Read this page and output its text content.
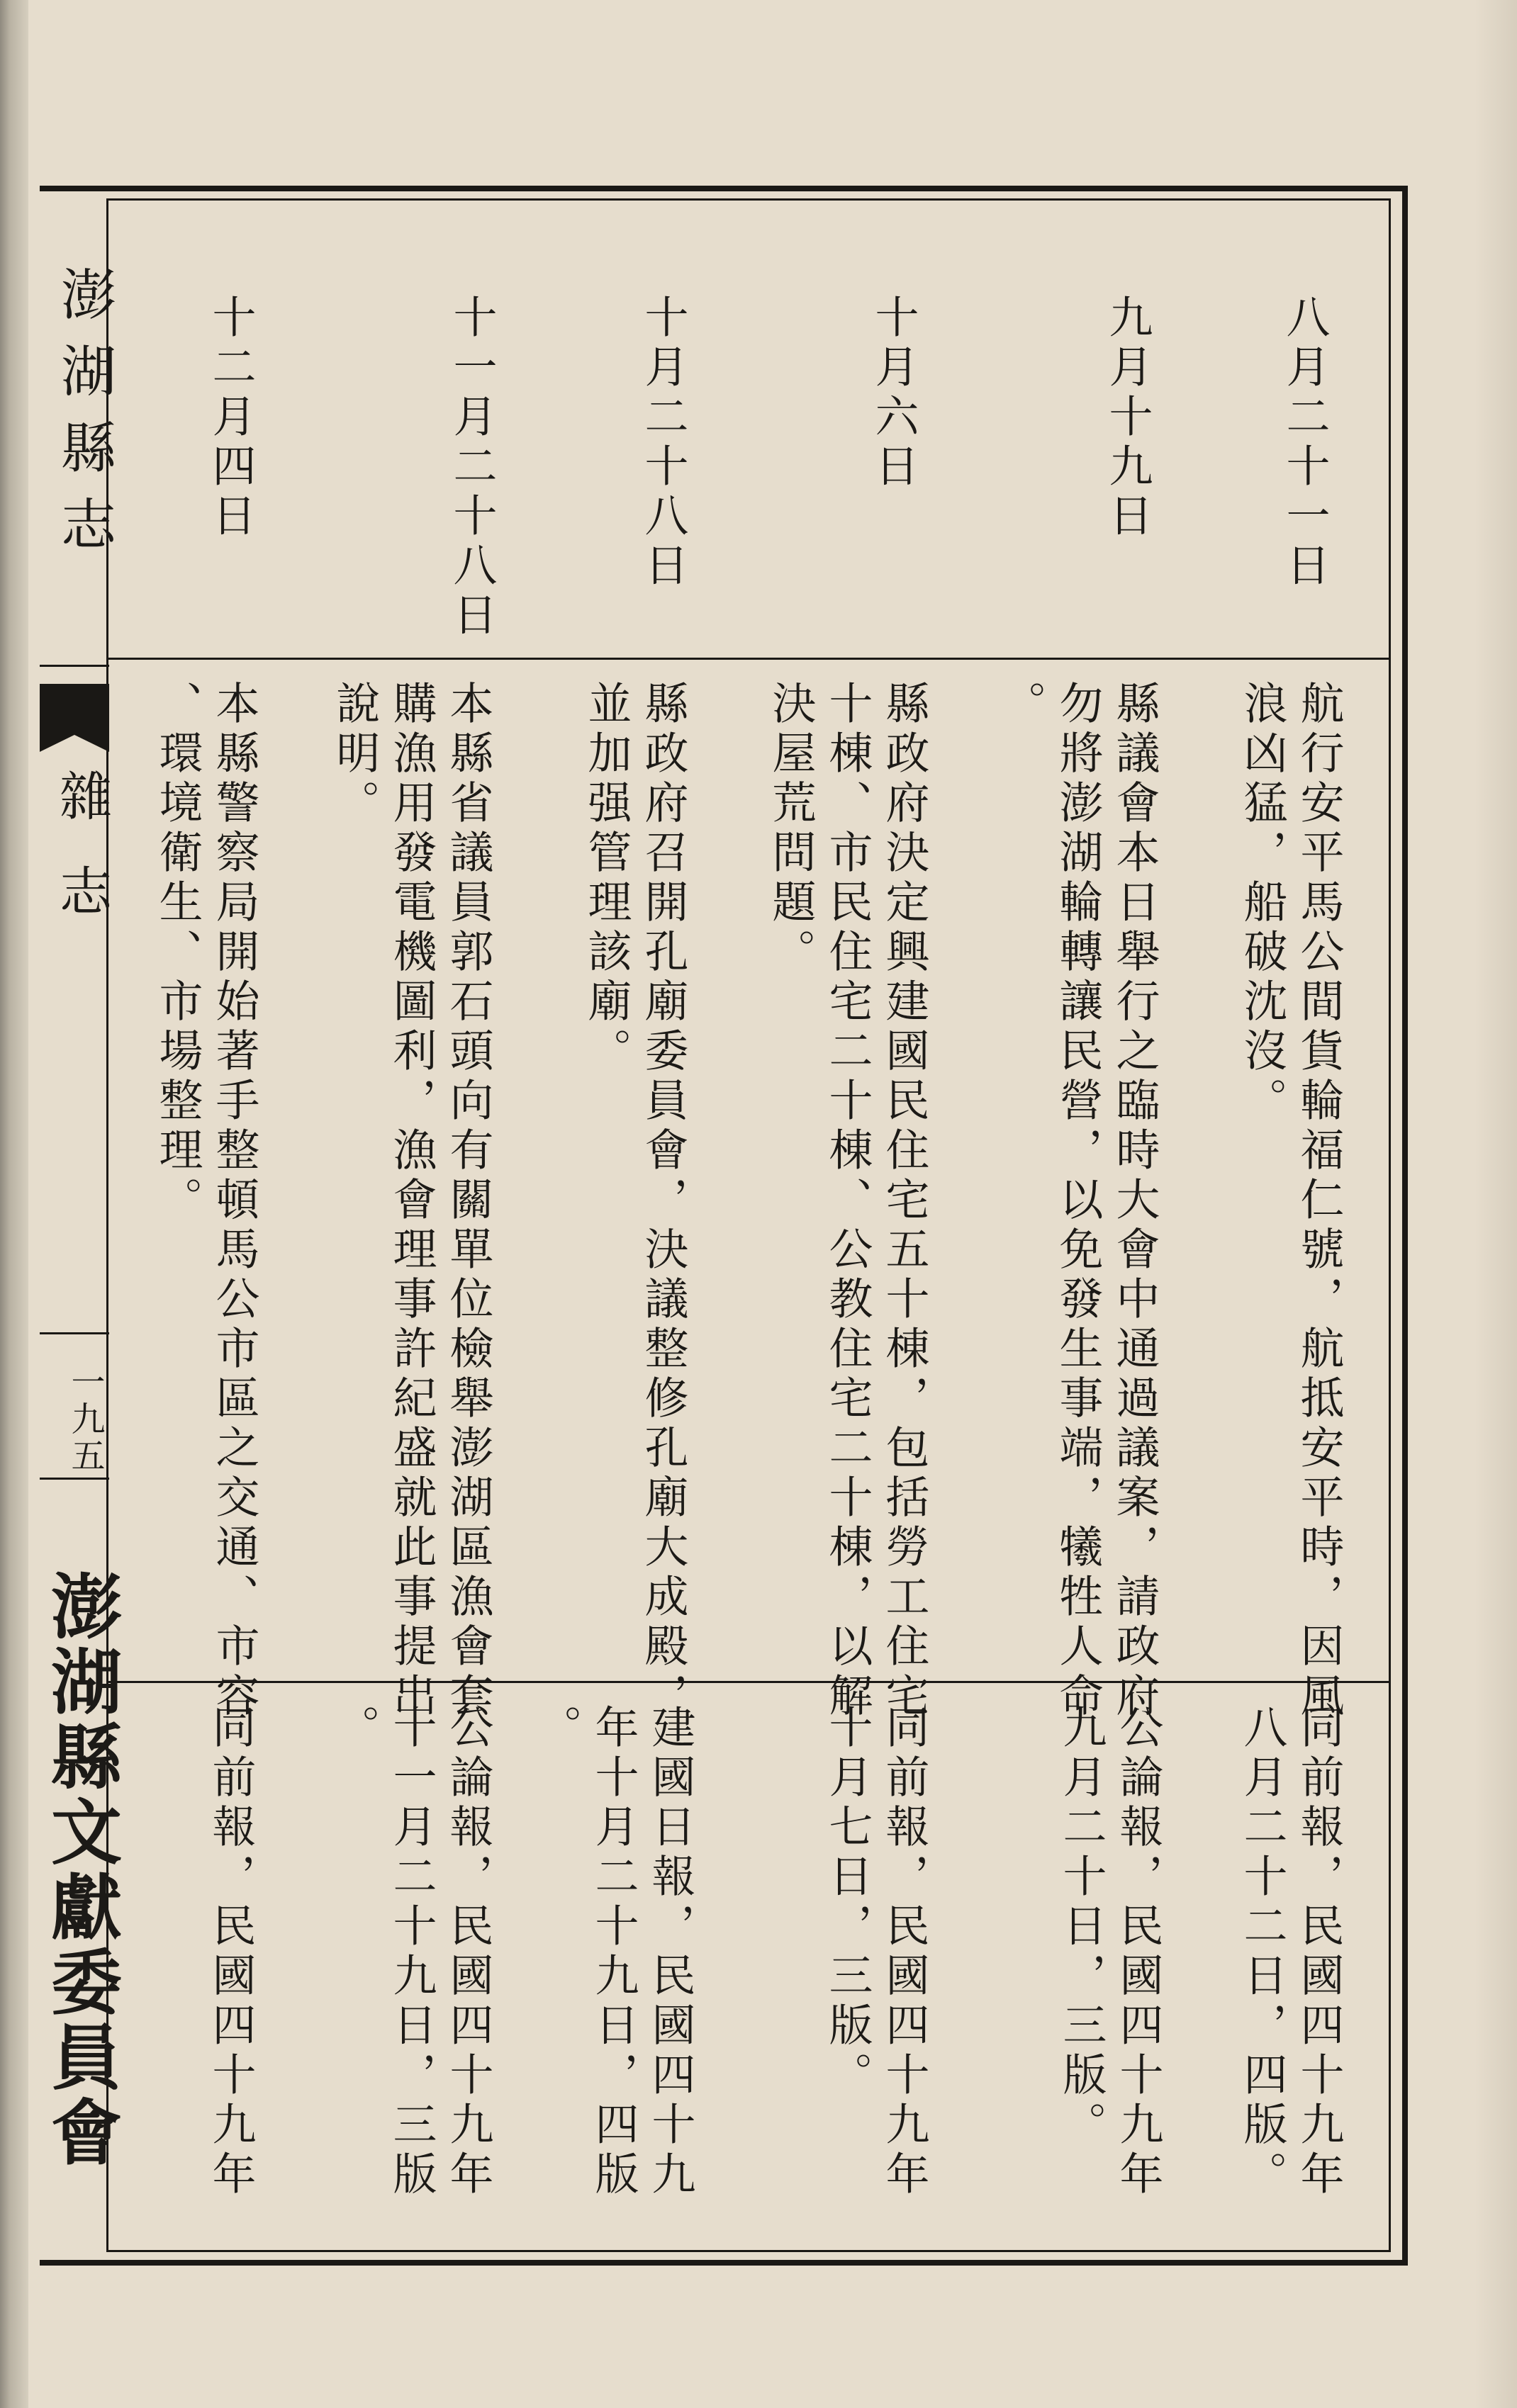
澎湖縣志
雜志
一九五
澎湖縣文獻委員會
⠀
八月二十一日
航行安平馬公間貨輪福仁號，航抵安平時，因風
浪凶猛，船破沈沒。
同前報，民國四十九年
八月二十二日，四版。
九月十九日
縣議會本日舉行之臨時大會中通過議案，請政府
勿將澎湖輪轉讓民營，以免發生事端，犧牲人命
。
公論報，民國四十九年
九月二十日，三版。
十月六日
縣政府決定興建國民住宅五十棟，包括勞工住宅
十棟、市民住宅二十棟、公教住宅二十棟，以解
決屋荒問題。
同前報，民國四十九年
十月七日，三版。
十月二十八日
縣政府召開孔廟委員會，決議整修孔廟大成殿，
並加强管理該廟。
建國日報，民國四十九
年十月二十九日，四版
。
十一月二十八日
本縣省議員郭石頭向有關單位檢舉澎湖區漁會套
購漁用發電機圖利，漁會理事許紀盛就此事提出
說明。
公論報，民國四十九年
十一月二十九日，三版
。
十二月四日
本縣警察局開始著手整頓馬公市區之交通、市容
、環境衛生、市場整理。
同前報，民國四十九年
